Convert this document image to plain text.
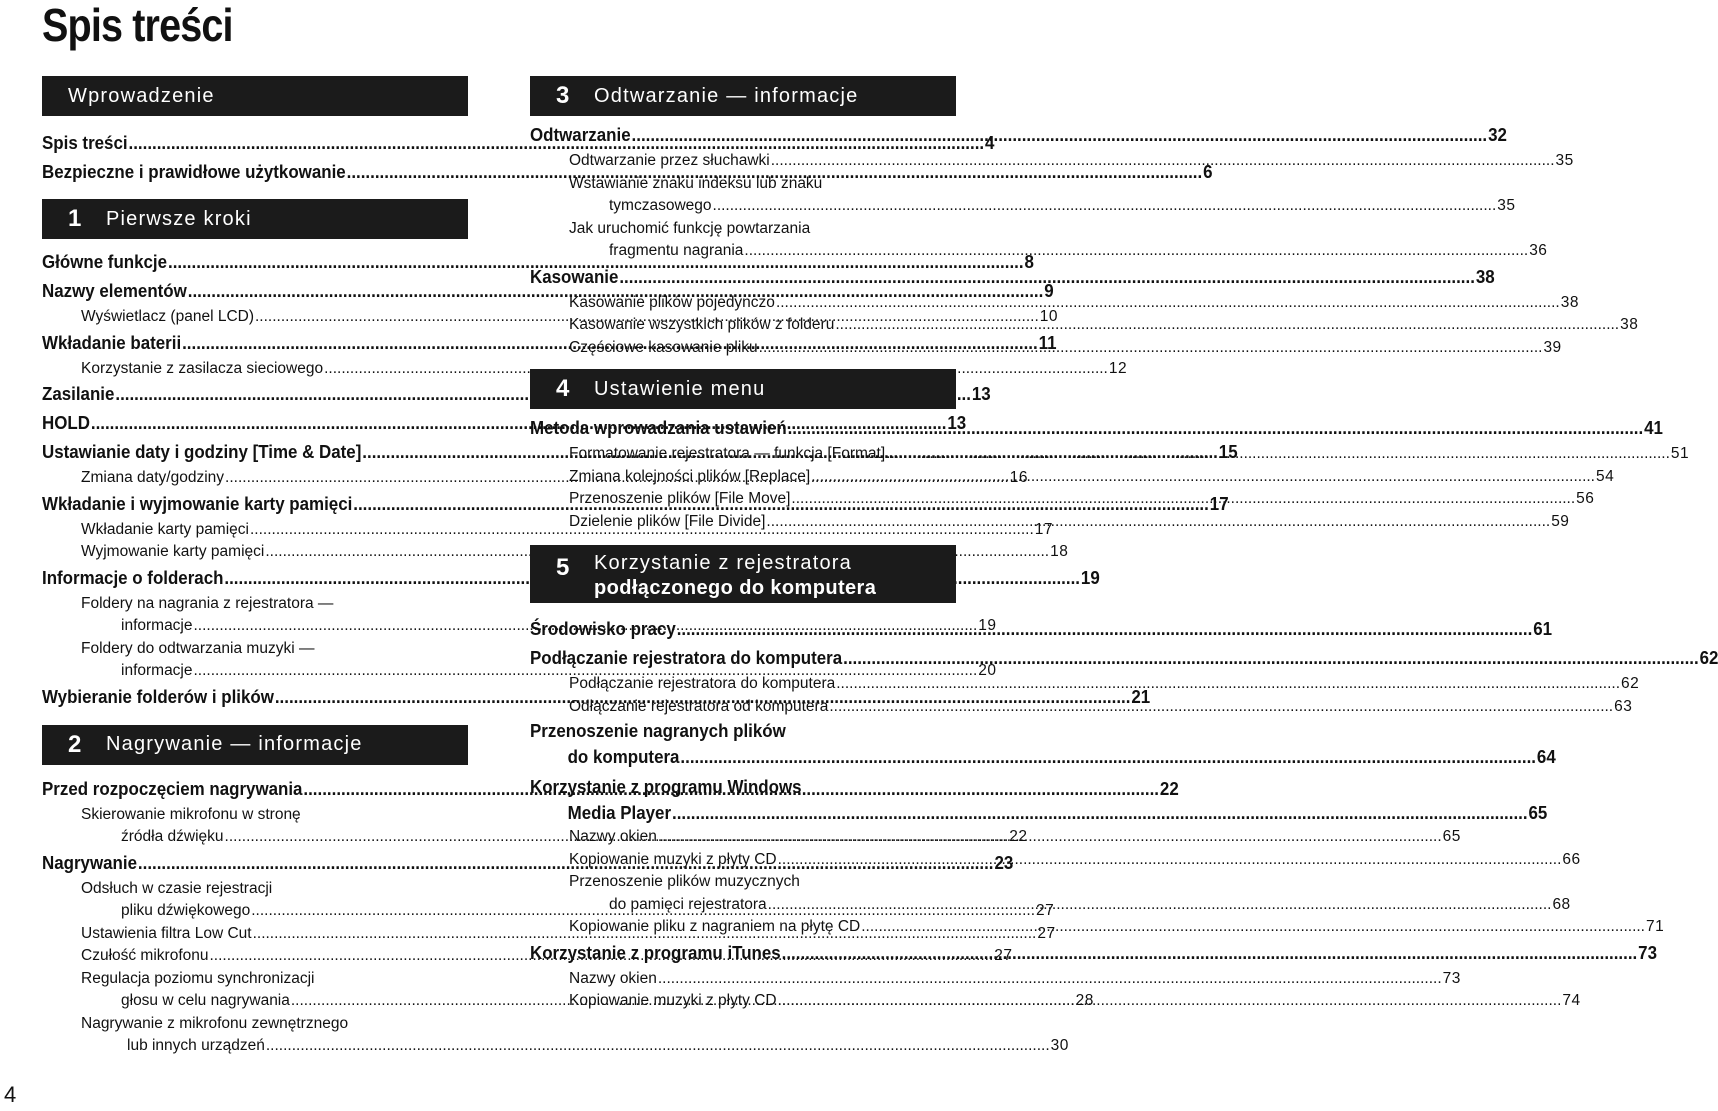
Spis treści
Wprowadzenie
Spis treści .....	4
Bezpieczne i prawidłowe użytkowanie .....	6
1	Pierwsze kroki
Główne funkcje .....	8
Nazwy elementów .....	9
Wyświetlacz (panel LCD) .....	10
Wkładanie baterii .....	11
Korzystanie z zasilacza sieciowego .....	12
Zasilanie .....	13
HOLD .....	13
Ustawianie daty i godziny [Time & Date] .....	15
Zmiana daty/godziny .....	16
Wkładanie i wyjmowanie karty pamięci .....	17
Wkładanie karty pamięci .....	17
Wyjmowanie karty pamięci .....	18
Informacje o folderach .....	19
Foldery na nagrania z rejestratora —
informacje .....	19
Foldery do odtwarzania muzyki —
informacje .....	20
Wybieranie folderów i plików .....	21
2	Nagrywanie — informacje
Przed rozpoczęciem nagrywania .....	22
Skierowanie mikrofonu w stronę
źródła dźwięku .....	22
Nagrywanie .....	23
Odsłuch w czasie rejestracji
pliku dźwiękowego .....	27
Ustawienia filtra Low Cut .....	27
Czułość mikrofonu .....	27
Regulacja poziomu synchronizacji
głosu w celu nagrywania .....	28
Nagrywanie z mikrofonu zewnętrznego
lub innych urządzeń .....	30
3	Odtwarzanie — informacje
Odtwarzanie .....	32
Odtwarzanie przez słuchawki .....	35
Wstawianie znaku indeksu lub znaku
tymczasowego .....	35
Jak uruchomić funkcję powtarzania
fragmentu nagrania .....	36
Kasowanie .....	38
Kasowanie plików pojedynczo .....	38
Kasowanie wszystkich plików z folderu .....	38
Częściowe kasowanie pliku .....	39
4	Ustawienie menu
Metoda wprowadzania ustawień .....	41
Formatowanie rejestratora — funkcja [Format] .....	51
Zmiana kolejności plików [Replace] .....	54
Przenoszenie plików [File Move] .....	56
Dzielenie plików [File Divide] .....	59
5	Korzystanie z rejestratora
podłączonego do komputera
Środowisko pracy .....	61
Podłączanie rejestratora do komputera .....	62
Podłączanie rejestratora do komputera .....	62
Odłączanie rejestratora od komputera .....	63
Przenoszenie nagranych plików
do komputera .....	64
Korzystanie z programu Windows
Media Player .....	65
Nazwy okien .....	65
Kopiowanie muzyki z płyty CD .....	66
Przenoszenie plików muzycznych
do pamięci rejestratora .....	68
Kopiowanie pliku z nagraniem na płytę CD .....	71
Korzystanie z programu iTunes .....	73
Nazwy okien .....	73
Kopiowanie muzyki z płyty CD .....	74
4
